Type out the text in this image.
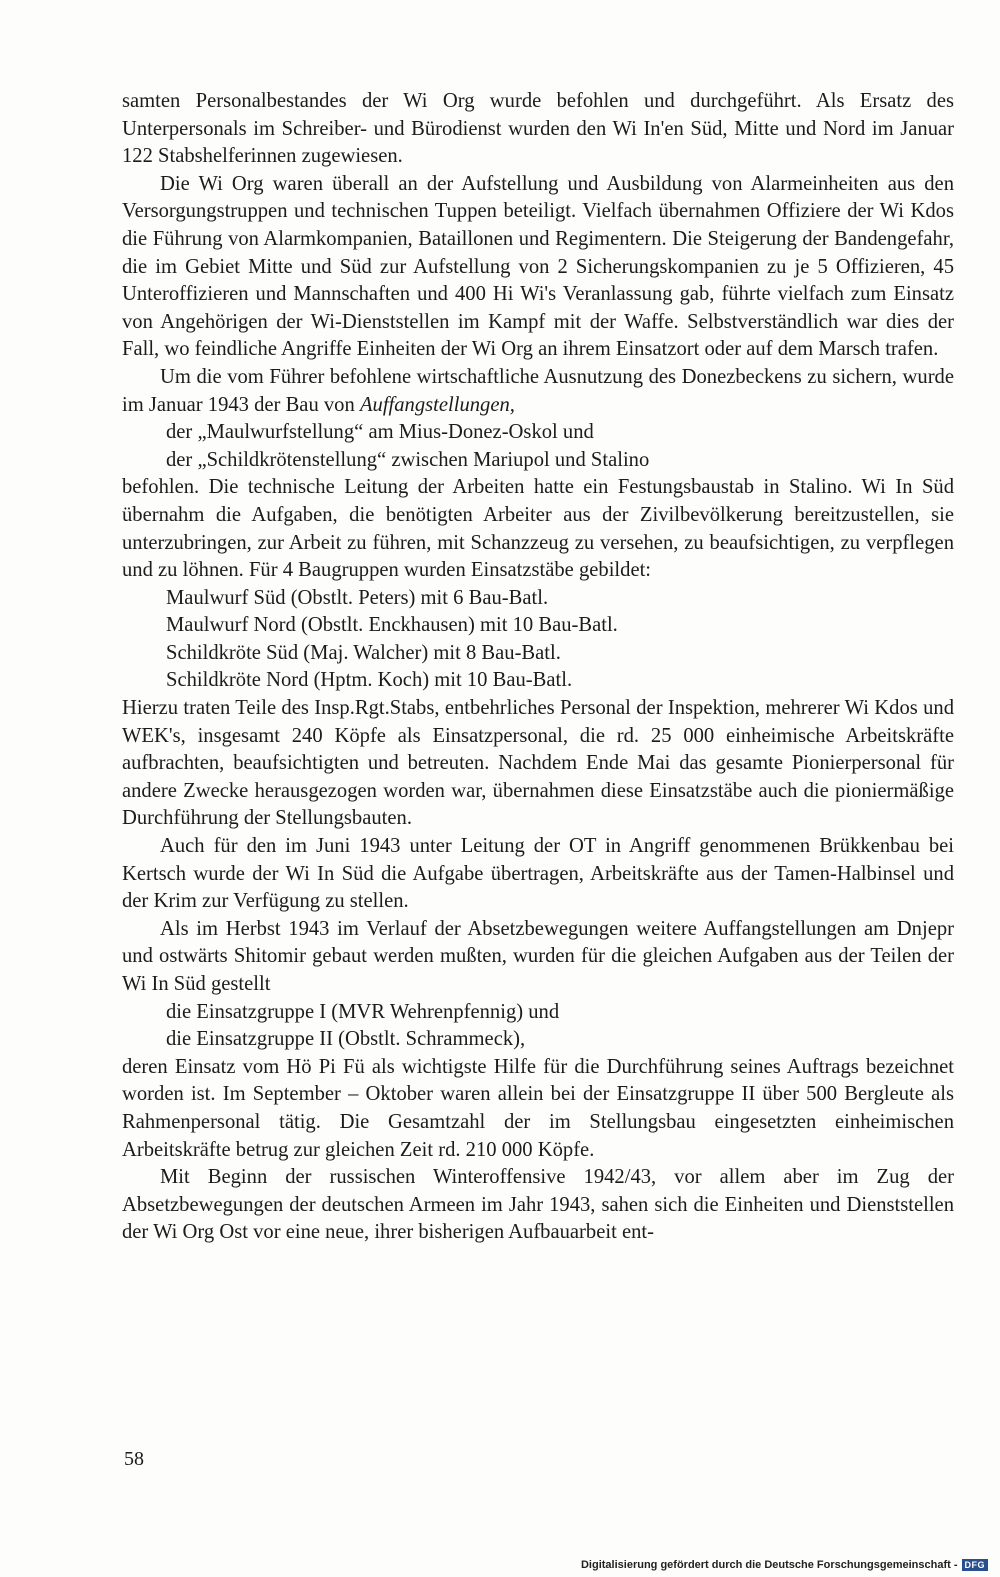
samten Personalbestandes der Wi Org wurde befohlen und durchgeführt. Als Ersatz des Unterpersonals im Schreiber- und Bürodienst wurden den Wi In'en Süd, Mitte und Nord im Januar 122 Stabshelferinnen zugewiesen.

Die Wi Org waren überall an der Aufstellung und Ausbildung von Alarmeinheiten aus den Versorgungstruppen und technischen Tuppen beteiligt. Vielfach übernahmen Offiziere der Wi Kdos die Führung von Alarmkompanien, Bataillonen und Regimentern. Die Steigerung der Bandengefahr, die im Gebiet Mitte und Süd zur Aufstellung von 2 Sicherungskompanien zu je 5 Offizieren, 45 Unteroffizieren und Mannschaften und 400 Hi Wi's Veranlassung gab, führte vielfach zum Einsatz von Angehörigen der Wi-Dienststellen im Kampf mit der Waffe. Selbstverständlich war dies der Fall, wo feindliche Angriffe Einheiten der Wi Org an ihrem Einsatzort oder auf dem Marsch trafen.

Um die vom Führer befohlene wirtschaftliche Ausnutzung des Donezbeckens zu sichern, wurde im Januar 1943 der Bau von Auffangstellungen,

der „Maulwurfstellung“ am Mius-Donez-Oskol und

der „Schildkrötenstellung“ zwischen Mariupol und Stalino

befohlen. Die technische Leitung der Arbeiten hatte ein Festungsbaustab in Stalino. Wi In Süd übernahm die Aufgaben, die benötigten Arbeiter aus der Zivilbevölkerung bereitzustellen, sie unterzubringen, zur Arbeit zu führen, mit Schanzzeug zu versehen, zu beaufsichtigen, zu verpflegen und zu löhnen. Für 4 Baugruppen wurden Einsatzstäbe gebildet:

Maulwurf Süd (Obstlt. Peters) mit 6 Bau-Batl.

Maulwurf Nord (Obstlt. Enckhausen) mit 10 Bau-Batl.

Schildkröte Süd (Maj. Walcher) mit 8 Bau-Batl.

Schildkröte Nord (Hptm. Koch) mit 10 Bau-Batl.

Hierzu traten Teile des Insp.Rgt.Stabs, entbehrliches Personal der Inspektion, mehrerer Wi Kdos und WEK's, insgesamt 240 Köpfe als Einsatzpersonal, die rd. 25 000 einheimische Arbeitskräfte aufbrachten, beaufsichtigten und betreuten. Nachdem Ende Mai das gesamte Pionierpersonal für andere Zwecke herausgezogen worden war, übernahmen diese Einsatzstäbe auch die pioniermäßige Durchführung der Stellungsbauten.

Auch für den im Juni 1943 unter Leitung der OT in Angriff genommenen Brükkenbau bei Kertsch wurde der Wi In Süd die Aufgabe übertragen, Arbeitskräfte aus der Tamen-Halbinsel und der Krim zur Verfügung zu stellen.

Als im Herbst 1943 im Verlauf der Absetzbewegungen weitere Auffangstellungen am Dnjepr und ostwärts Shitomir gebaut werden mußten, wurden für die gleichen Aufgaben aus der Teilen der Wi In Süd gestellt

die Einsatzgruppe I (MVR Wehrenpfennig) und

die Einsatzgruppe II (Obstlt. Schrammeck),

deren Einsatz vom Hö Pi Fü als wichtigste Hilfe für die Durchführung seines Auftrags bezeichnet worden ist. Im September – Oktober waren allein bei der Einsatzgruppe II über 500 Bergleute als Rahmenpersonal tätig. Die Gesamtzahl der im Stellungsbau eingesetzten einheimischen Arbeitskräfte betrug zur gleichen Zeit rd. 210 000 Köpfe.

Mit Beginn der russischen Winteroffensive 1942/43, vor allem aber im Zug der Absetzbewegungen der deutschen Armeen im Jahr 1943, sahen sich die Einheiten und Dienststellen der Wi Org Ost vor eine neue, ihrer bisherigen Aufbauarbeit ent-

58
Digitalisierung gefördert durch die Deutsche Forschungsgemeinschaft - DFG
